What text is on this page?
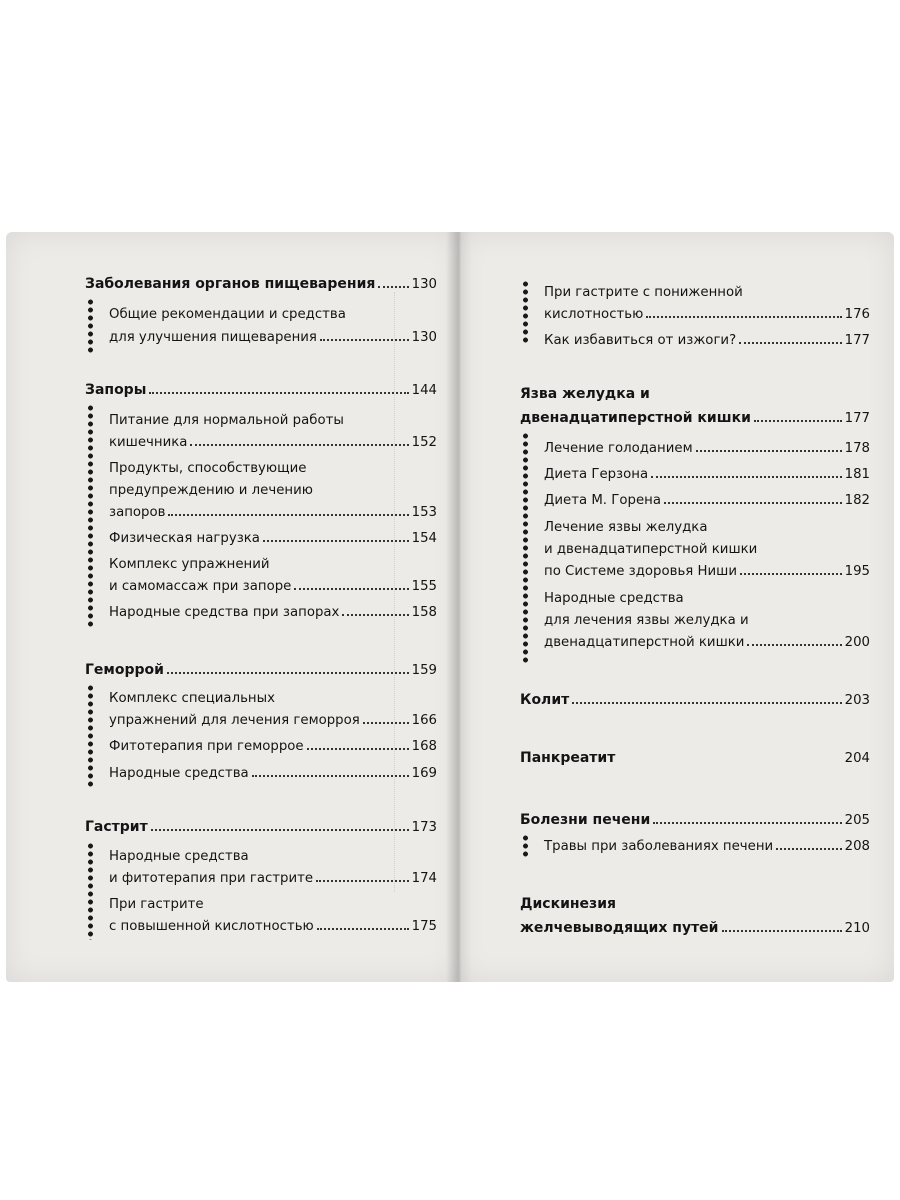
Заболевания органов пищеварения	130
Общие рекомендации и средства
для улучшения пищеварения	130
Запоры	144
Питание для нормальной работы
кишечника	152
Продукты, способствующие
предупреждению и лечению
запоров	153
Физическая нагрузка	154
Комплекс упражнений
и самомассаж при запоре	155
Народные средства при запорах	158
Геморрой	159
Комплекс специальных
упражнений для лечения геморроя	166
Фитотерапия при геморрое	168
Народные средства	169
Гастрит	173
Народные средства
и фитотерапия при гастрите	174
При гастрите
с повышенной кислотностью	175
При гастрите с пониженной
кислотностью	176
Как избавиться от изжоги?	177
Язва желудка и
двенадцатиперстной кишки	177
Лечение голоданием	178
Диета Герзона	181
Диета М. Горена	182
Лечение язвы желудка
и двенадцатиперстной кишки
по Системе здоровья Ниши	195
Народные средства
для лечения язвы желудка и
двенадцатиперстной кишки	200
Колит	203
Панкреатит	204
Болезни печени	205
Травы при заболеваниях печени	208
Дискинезия
желчевыводящих путей	210
